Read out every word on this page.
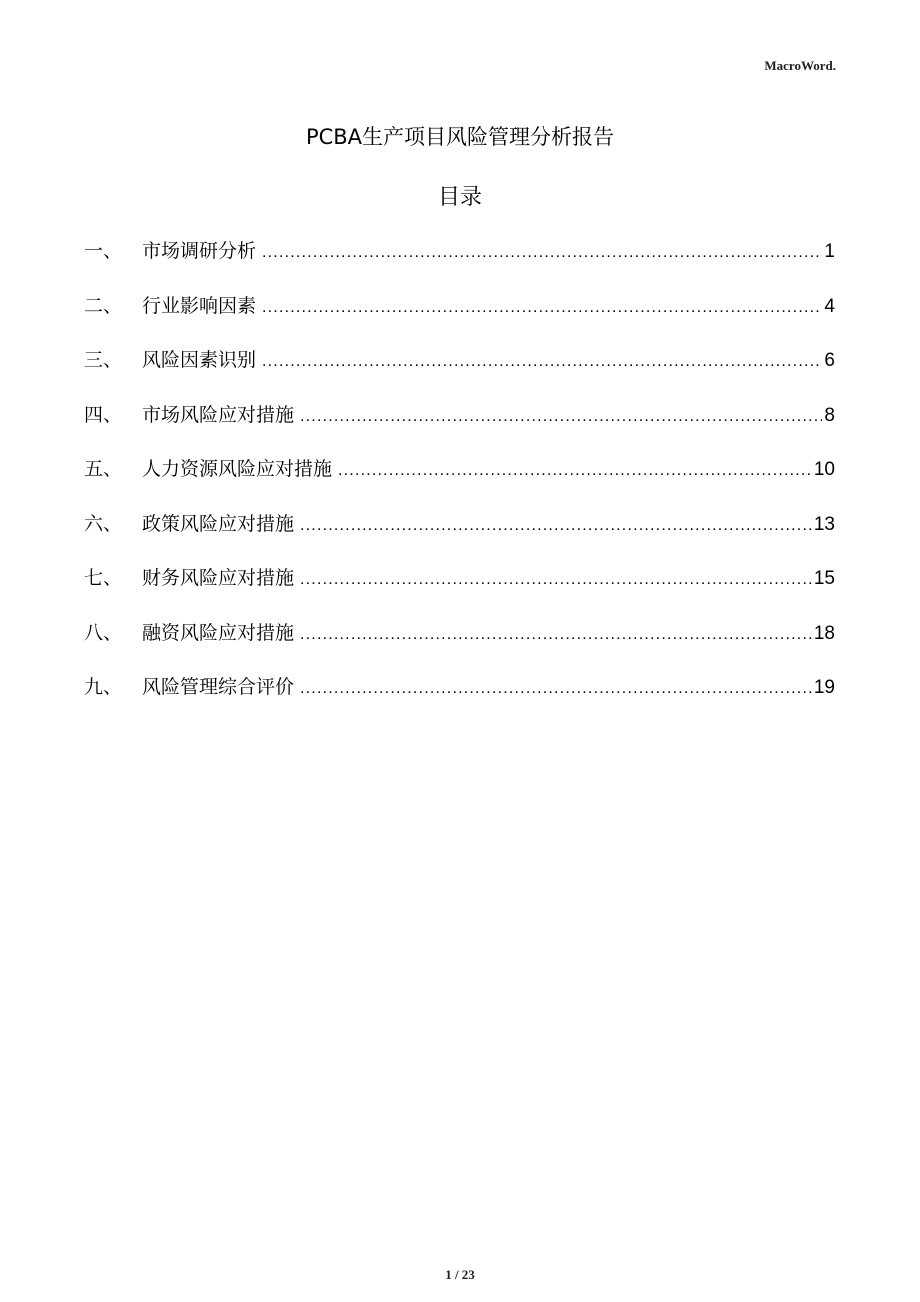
MacroWord.
PCBA生产项目风险管理分析报告
目录
一、	市场调研分析 .....	1
二、	行业影响因素 .....	4
三、	风险因素识别 .....	6
四、	市场风险应对措施 .....	8
五、	人力资源风险应对措施 .....	10
六、	政策风险应对措施 .....	13
七、	财务风险应对措施 .....	15
八、	融资风险应对措施 .....	18
九、	风险管理综合评价 .....	19
1 / 23
